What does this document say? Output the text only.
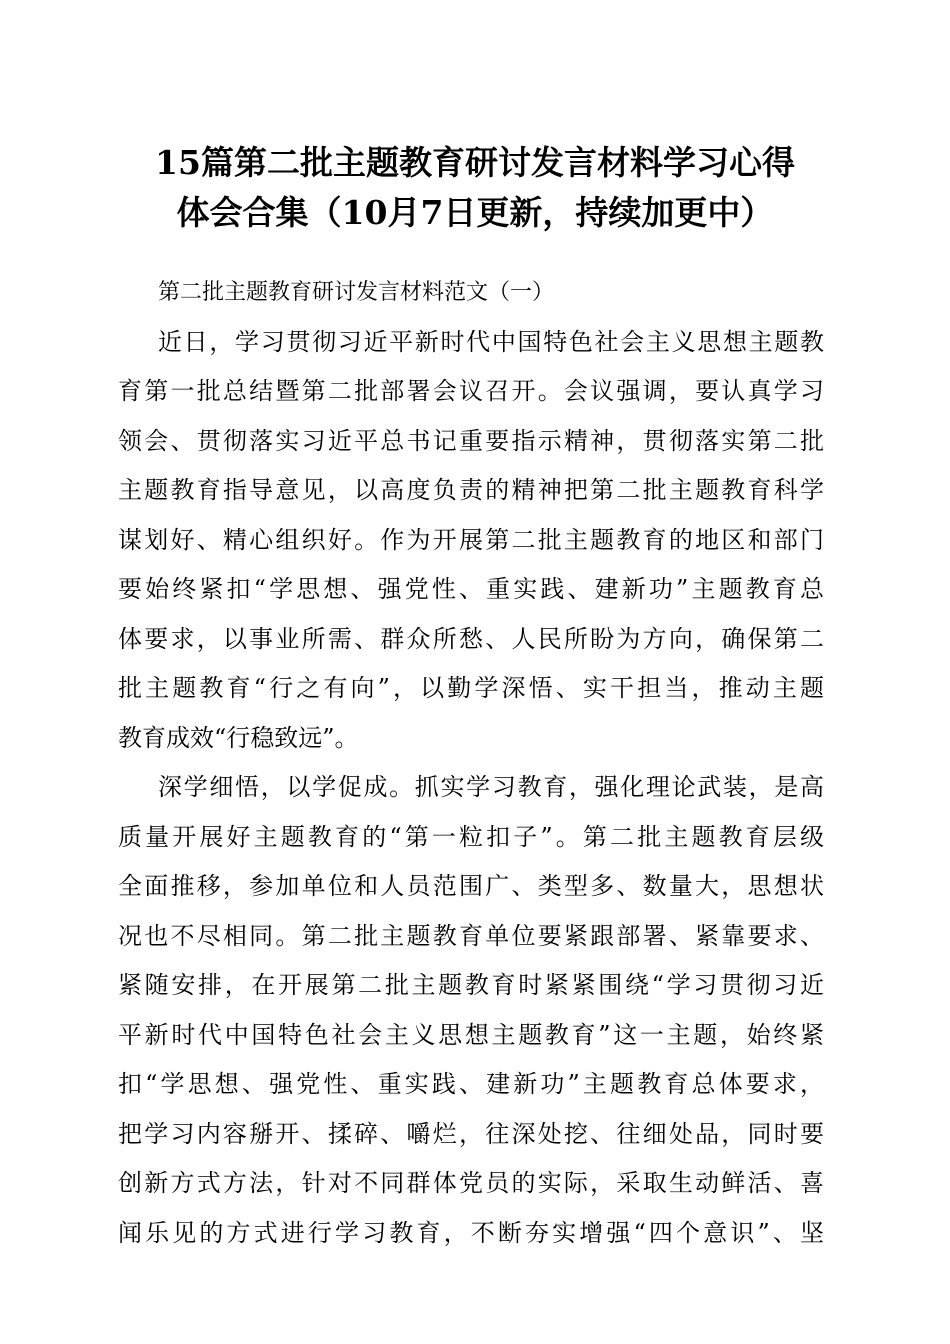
15篇第二批主题教育研讨发言材料学习心得
体会合集（10月7日更新，持续加更中）
第二批主题教育研讨发言材料范文（一）
近日，学习贯彻习近平新时代中国特色社会主义思想主题教
育第一批总结暨第二批部署会议召开。会议强调，要认真学习
领会、贯彻落实习近平总书记重要指示精神，贯彻落实第二批
主题教育指导意见，以高度负责的精神把第二批主题教育科学
谋划好、精心组织好。作为开展第二批主题教育的地区和部门
要始终紧扣“学思想、强党性、重实践、建新功”主题教育总
体要求，以事业所需、群众所愁、人民所盼为方向，确保第二
批主题教育“行之有向”，以勤学深悟、实干担当，推动主题
教育成效“行稳致远”。
深学细悟，以学促成。抓实学习教育，强化理论武装，是高
质量开展好主题教育的“第一粒扣子”。第二批主题教育层级
全面推移，参加单位和人员范围广、类型多、数量大，思想状
况也不尽相同。第二批主题教育单位要紧跟部署、紧靠要求、
紧随安排，在开展第二批主题教育时紧紧围绕“学习贯彻习近
平新时代中国特色社会主义思想主题教育”这一主题，始终紧
扣“学思想、强党性、重实践、建新功”主题教育总体要求，
把学习内容掰开、揉碎、嚼烂，往深处挖、往细处品，同时要
创新方式方法，针对不同群体党员的实际，采取生动鲜活、喜
闻乐见的方式进行学习教育，不断夯实增强“四个意识”、坚
